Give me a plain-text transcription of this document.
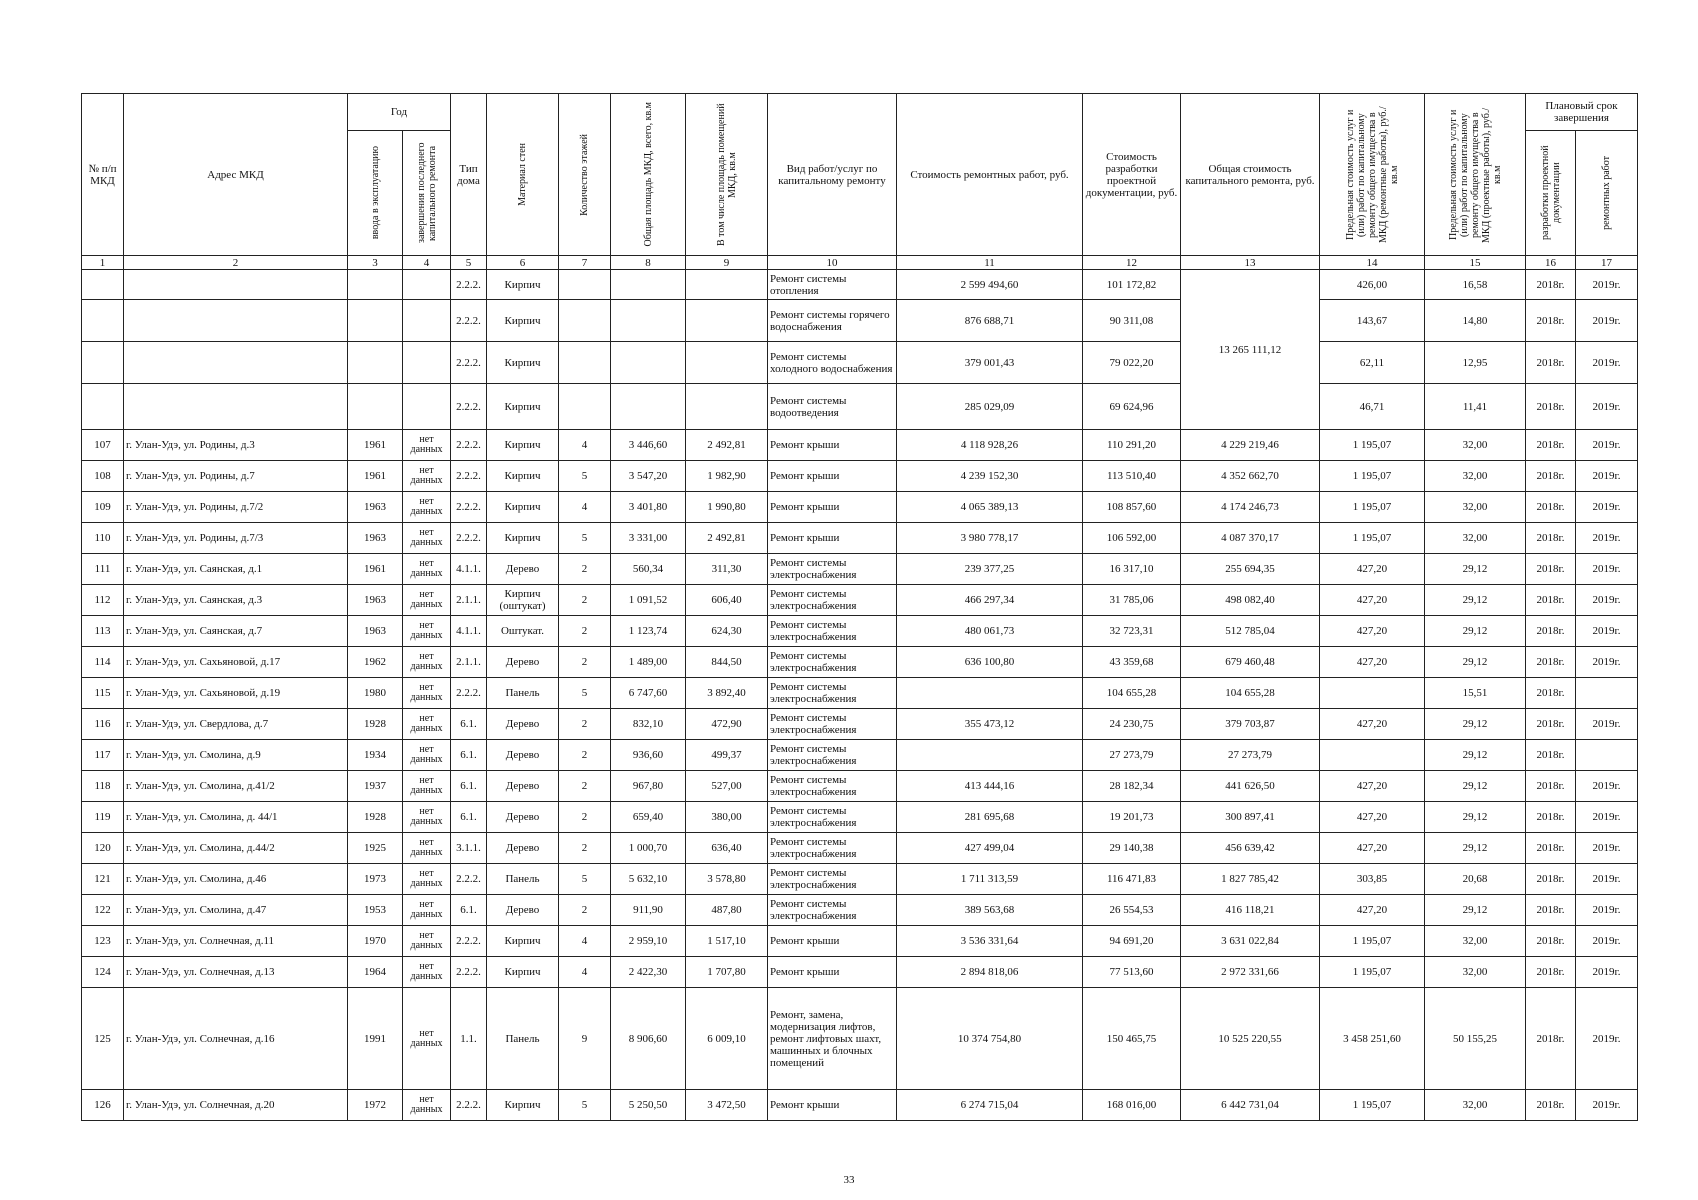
№ п/п МКД	Адрес МКД	Год		Тип дома	Материал стен	Количество этажей	Общая площадь МКД, всего, кв.м	В том числе площадь помещений МКД, кв.м	Вид работ/услуг по капитальному ремонту	Стоимость ремонтных работ, руб.	Стоимость разработки проектной документации, руб.	Общая стоимость капитального ремонта, руб.	Предельная стоимость услуг и (или) работ по капитальному ремонту общего имущества в МКД (ремонтные работы), руб./кв.м	Предельная стоимость услуг и (или) работ по капитальному ремонту общего имущества в МКД (проектные работы), руб./кв.м	Плановый срок завершения	

		ввода в эксплуатацию	завершения последнего капитального ремонта												разработки проектной документации	ремонтных работ

1	2	3	4	5	6	7	8	9	10	11	12	13	14	15	16	17
				2.2.2.	Кирпич				Ремонт системы отопления	2 599 494,60	101 172,82	13 265 111,12	426,00	16,58	2018г.	2019г.
				2.2.2.	Кирпич				Ремонт системы горячего водоснабжения	876 688,71	90 311,08		143,67	14,80	2018г.	2019г.
				2.2.2.	Кирпич				Ремонт системы холодного водоснабжения	379 001,43	79 022,20		62,11	12,95	2018г.	2019г.
				2.2.2.	Кирпич				Ремонт системы водоотведения	285 029,09	69 624,96		46,71	11,41	2018г.	2019г.
107	г. Улан-Удэ, ул. Родины, д.3	1961	нет данных	2.2.2.	Кирпич	4	3 446,60	2 492,81	Ремонт крыши	4 118 928,26	110 291,20	4 229 219,46	1 195,07	32,00	2018г.	2019г.
108	г. Улан-Удэ, ул. Родины, д.7	1961	нет данных	2.2.2.	Кирпич	5	3 547,20	1 982,90	Ремонт крыши	4 239 152,30	113 510,40	4 352 662,70	1 195,07	32,00	2018г.	2019г.
109	г. Улан-Удэ, ул. Родины, д.7/2	1963	нет данных	2.2.2.	Кирпич	4	3 401,80	1 990,80	Ремонт крыши	4 065 389,13	108 857,60	4 174 246,73	1 195,07	32,00	2018г.	2019г.
110	г. Улан-Удэ, ул. Родины, д.7/3	1963	нет данных	2.2.2.	Кирпич	5	3 331,00	2 492,81	Ремонт крыши	3 980 778,17	106 592,00	4 087 370,17	1 195,07	32,00	2018г.	2019г.
111	г. Улан-Удэ, ул. Саянская, д.1	1961	нет данных	4.1.1.	Дерево	2	560,34	311,30	Ремонт системы электроснабжения	239 377,25	16 317,10	255 694,35	427,20	29,12	2018г.	2019г.
112	г. Улан-Удэ, ул. Саянская, д.3	1963	нет данных	2.1.1.	Кирпич (оштукат)	2	1 091,52	606,40	Ремонт системы электроснабжения	466 297,34	31 785,06	498 082,40	427,20	29,12	2018г.	2019г.
113	г. Улан-Удэ, ул. Саянская, д.7	1963	нет данных	4.1.1.	Оштукат.	2	1 123,74	624,30	Ремонт системы электроснабжения	480 061,73	32 723,31	512 785,04	427,20	29,12	2018г.	2019г.
114	г. Улан-Удэ, ул. Сахьяновой, д.17	1962	нет данных	2.1.1.	Дерево	2	1 489,00	844,50	Ремонт системы электроснабжения	636 100,80	43 359,68	679 460,48	427,20	29,12	2018г.	2019г.
115	г. Улан-Удэ, ул. Сахьяновой, д.19	1980	нет данных	2.2.2.	Панель	5	6 747,60	3 892,40	Ремонт системы электроснабжения		104 655,28	104 655,28		15,51	2018г.	
116	г. Улан-Удэ, ул. Свердлова, д.7	1928	нет данных	6.1.	Дерево	2	832,10	472,90	Ремонт системы электроснабжения	355 473,12	24 230,75	379 703,87	427,20	29,12	2018г.	2019г.
117	г. Улан-Удэ, ул. Смолина, д.9	1934	нет данных	6.1.	Дерево	2	936,60	499,37	Ремонт системы электроснабжения		27 273,79	27 273,79		29,12	2018г.	
118	г. Улан-Удэ, ул. Смолина, д.41/2	1937	нет данных	6.1.	Дерево	2	967,80	527,00	Ремонт системы электроснабжения	413 444,16	28 182,34	441 626,50	427,20	29,12	2018г.	2019г.
119	г. Улан-Удэ, ул. Смолина, д. 44/1	1928	нет данных	6.1.	Дерево	2	659,40	380,00	Ремонт системы электроснабжения	281 695,68	19 201,73	300 897,41	427,20	29,12	2018г.	2019г.
120	г. Улан-Удэ, ул. Смолина, д.44/2	1925	нет данных	3.1.1.	Дерево	2	1 000,70	636,40	Ремонт системы электроснабжения	427 499,04	29 140,38	456 639,42	427,20	29,12	2018г.	2019г.
121	г. Улан-Удэ, ул. Смолина, д.46	1973	нет данных	2.2.2.	Панель	5	5 632,10	3 578,80	Ремонт системы электроснабжения	1 711 313,59	116 471,83	1 827 785,42	303,85	20,68	2018г.	2019г.
122	г. Улан-Удэ, ул. Смолина, д.47	1953	нет данных	6.1.	Дерево	2	911,90	487,80	Ремонт системы электроснабжения	389 563,68	26 554,53	416 118,21	427,20	29,12	2018г.	2019г.
123	г. Улан-Удэ, ул. Солнечная, д.11	1970	нет данных	2.2.2.	Кирпич	4	2 959,10	1 517,10	Ремонт крыши	3 536 331,64	94 691,20	3 631 022,84	1 195,07	32,00	2018г.	2019г.
124	г. Улан-Удэ, ул. Солнечная, д.13	1964	нет данных	2.2.2.	Кирпич	4	2 422,30	1 707,80	Ремонт крыши	2 894 818,06	77 513,60	2 972 331,66	1 195,07	32,00	2018г.	2019г.
125	г. Улан-Удэ, ул. Солнечная, д.16	1991	нет данных	1.1.	Панель	9	8 906,60	6 009,10	Ремонт, замена, модернизация лифтов, ремонт лифтовых шахт, машинных и блочных помещений	10 374 754,80	150 465,75	10 525 220,55	3 458 251,60	50 155,25	2018г.	2019г.
126	г. Улан-Удэ, ул. Солнечная, д.20	1972	нет данных	2.2.2.	Кирпич	5	5 250,50	3 472,50	Ремонт крыши	6 274 715,04	168 016,00	6 442 731,04	1 195,07	32,00	2018г.	2019г.
33
